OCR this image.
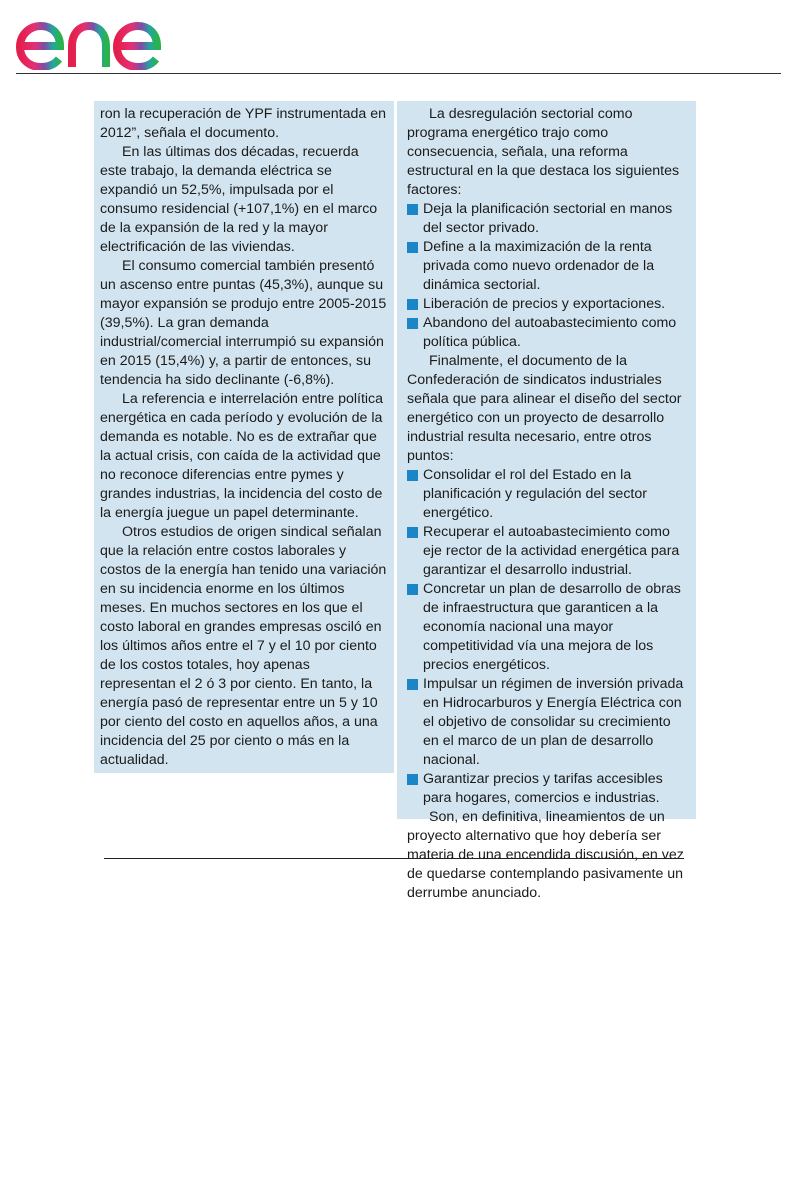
ron la recuperación de YPF instrumentada en 2012”, señala el documento.

En las últimas dos décadas, recuerda este trabajo, la demanda eléctrica se expandió un 52,5%, impulsada por el consumo residencial (+107,1%) en el marco de la expansión de la red y la mayor electrificación de las viviendas.

El consumo comercial también presentó un ascenso entre puntas (45,3%), aunque su mayor expansión se produjo entre 2005-2015 (39,5%). La gran demanda industrial/comercial interrumpió su expansión en 2015 (15,4%) y, a partir de entonces, su tendencia ha sido declinante (-6,8%).

La referencia e interrelación entre política energética en cada período y evolución de la demanda es notable. No es de extrañar que la actual crisis, con caída de la actividad que no reconoce diferencias entre pymes y grandes industrias, la incidencia del costo de la energía juegue un papel determinante.

Otros estudios de origen sindical señalan que la relación entre costos laborales y costos de la energía han tenido una variación en su incidencia enorme en los últimos meses. En muchos sectores en los que el costo laboral en grandes empresas osciló en los últimos años entre el 7 y el 10 por ciento de los costos totales, hoy apenas representan el 2 ó 3 por ciento. En tanto, la energía pasó de representar entre un 5 y 10 por ciento del costo en aquellos años, a una incidencia del 25 por ciento o más en la actualidad.

La desregulación sectorial como programa energético trajo como consecuencia, señala, una reforma estructural en la que destaca los siguientes factores:

Deja la planificación sectorial en manos del sector privado.
Define a la maximización de la renta privada como nuevo ordenador de la dinámica sectorial.
Liberación de precios y exportaciones.
Abandono del autoabastecimiento como política pública.

Finalmente, el documento de la Confederación de sindicatos industriales señala que para alinear el diseño del sector energético con un proyecto de desarrollo industrial resulta necesario, entre otros puntos:

Consolidar el rol del Estado en la planificación y regulación del sector energético.
Recuperar el autoabastecimiento como eje rector de la actividad energética para garantizar el desarrollo industrial.
Concretar un plan de desarrollo de obras de infraestructura que garanticen a la economía nacional una mayor competitividad vía una mejora de los precios energéticos.
Impulsar un régimen de inversión privada en Hidrocarburos y Energía Eléctrica con el objetivo de consolidar su crecimiento en el marco de un plan de desarrollo nacional.
Garantizar precios y tarifas accesibles para hogares, comercios e industrias.

Son, en definitiva, lineamientos de un proyecto alternativo que hoy debería ser materia de una encendida discusión, en vez de quedarse contemplando pasivamente un derrumbe anunciado.
